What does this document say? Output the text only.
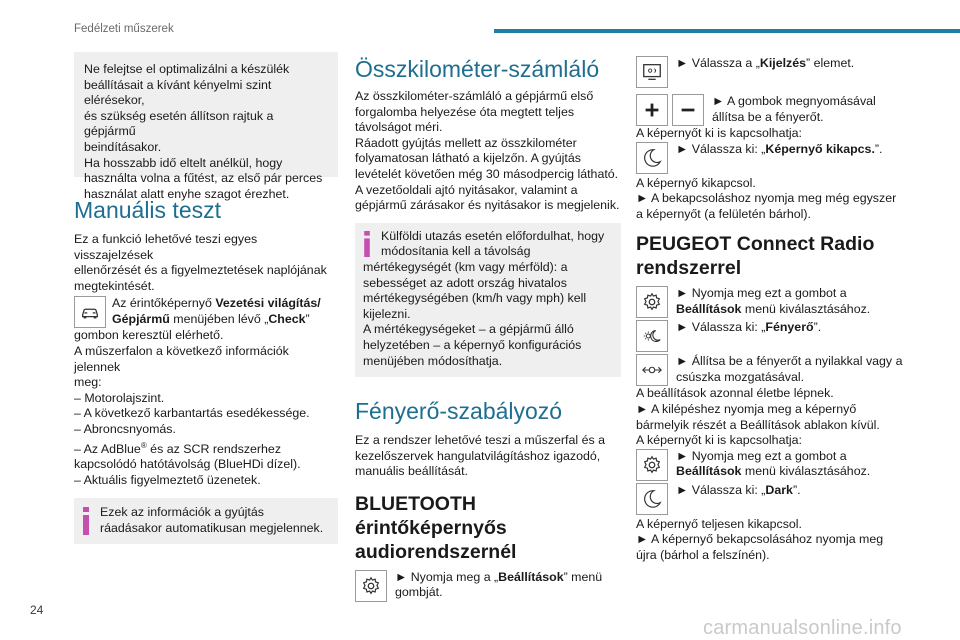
Fedélzeti műszerek
Ne felejtse el optimalizálni a készülék
beállításait a kívánt kényelmi szint elérésekor,
és szükség esetén állítson rajtuk a gépjármű
beindításakor.
Ha hosszabb idő eltelt anélkül, hogy
használta volna a fűtést, az első pár perces
használat alatt enyhe szagot érezhet.
Manuális teszt
Ez a funkció lehetővé teszi egyes visszajelzések
ellenőrzését és a figyelmeztetések naplójának
megtekintését.
Az érintőképernyő Vezetési világítás/
Gépjármű menüjében lévő „Check”
gombon keresztül elérhető.
A műszerfalon a következő információk jelennek
meg:
– Motorolajszint.
– A következő karbantartás esedékessége.
– Abroncsnyomás.
– Az AdBlue® és az SCR rendszerhez
kapcsolódó hatótávolság (BlueHDi dízel).
– Aktuális figyelmeztető üzenetek.
Ezek az információk a gyújtás
ráadásakor automatikusan megjelennek.
Összkilométer-számláló
Az összkilométer-számláló a gépjármű első
forgalomba helyezése óta megtett teljes
távolságot méri.
Ráadott gyújtás mellett az összkilométer
folyamatosan látható a kijelzőn. A gyújtás
levételét követően még 30 másodpercig látható.
A vezetőoldali ajtó nyitásakor, valamint a
gépjármű zárásakor és nyitásakor is megjelenik.
Külföldi utazás esetén előfordulhat, hogy
módosítania kell a távolság
mértékegységét (km vagy mérföld): a
sebességet az adott ország hivatalos
mértékegységében (km/h vagy mph) kell
kijelezni.
A mértékegységeket – a gépjármű álló
helyzetében – a képernyő konfigurációs
menüjében módosíthatja.
Fényerő-szabályozó
Ez a rendszer lehetővé teszi a műszerfal és a
kezelőszervek hangulatvilágításhoz igazodó,
manuális beállítását.
BLUETOOTH
érintőképernyős
audiorendszernél
► Nyomja meg a „Beállítások” menü
gombját.
► Válassza a „Kijelzés” elemet.
► A gombok megnyomásával
állítsa be a fényerőt.
A képernyőt ki is kapcsolhatja:
► Válassza ki: „Képernyő kikapcs.”.
A képernyő kikapcsol.
► A bekapcsoláshoz nyomja meg még egyszer
a képernyőt (a felületén bárhol).
PEUGEOT Connect Radio
rendszerrel
► Nyomja meg ezt a gombot a
Beállítások menü kiválasztásához.
► Válassza ki: „Fényerő”.
► Állítsa be a fényerőt a nyilakkal vagy a
csúszka mozgatásával.
A beállítások azonnal életbe lépnek.
► A kilépéshez nyomja meg a képernyő
bármelyik részét a Beállítások ablakon kívül.
A képernyőt ki is kapcsolhatja:
► Nyomja meg ezt a gombot a
Beállítások menü kiválasztásához.
► Válassza ki: „Dark”.
A képernyő teljesen kikapcsol.
► A képernyő bekapcsolásához nyomja meg
újra (bárhol a felszínén).
24
carmanualsonline.info
